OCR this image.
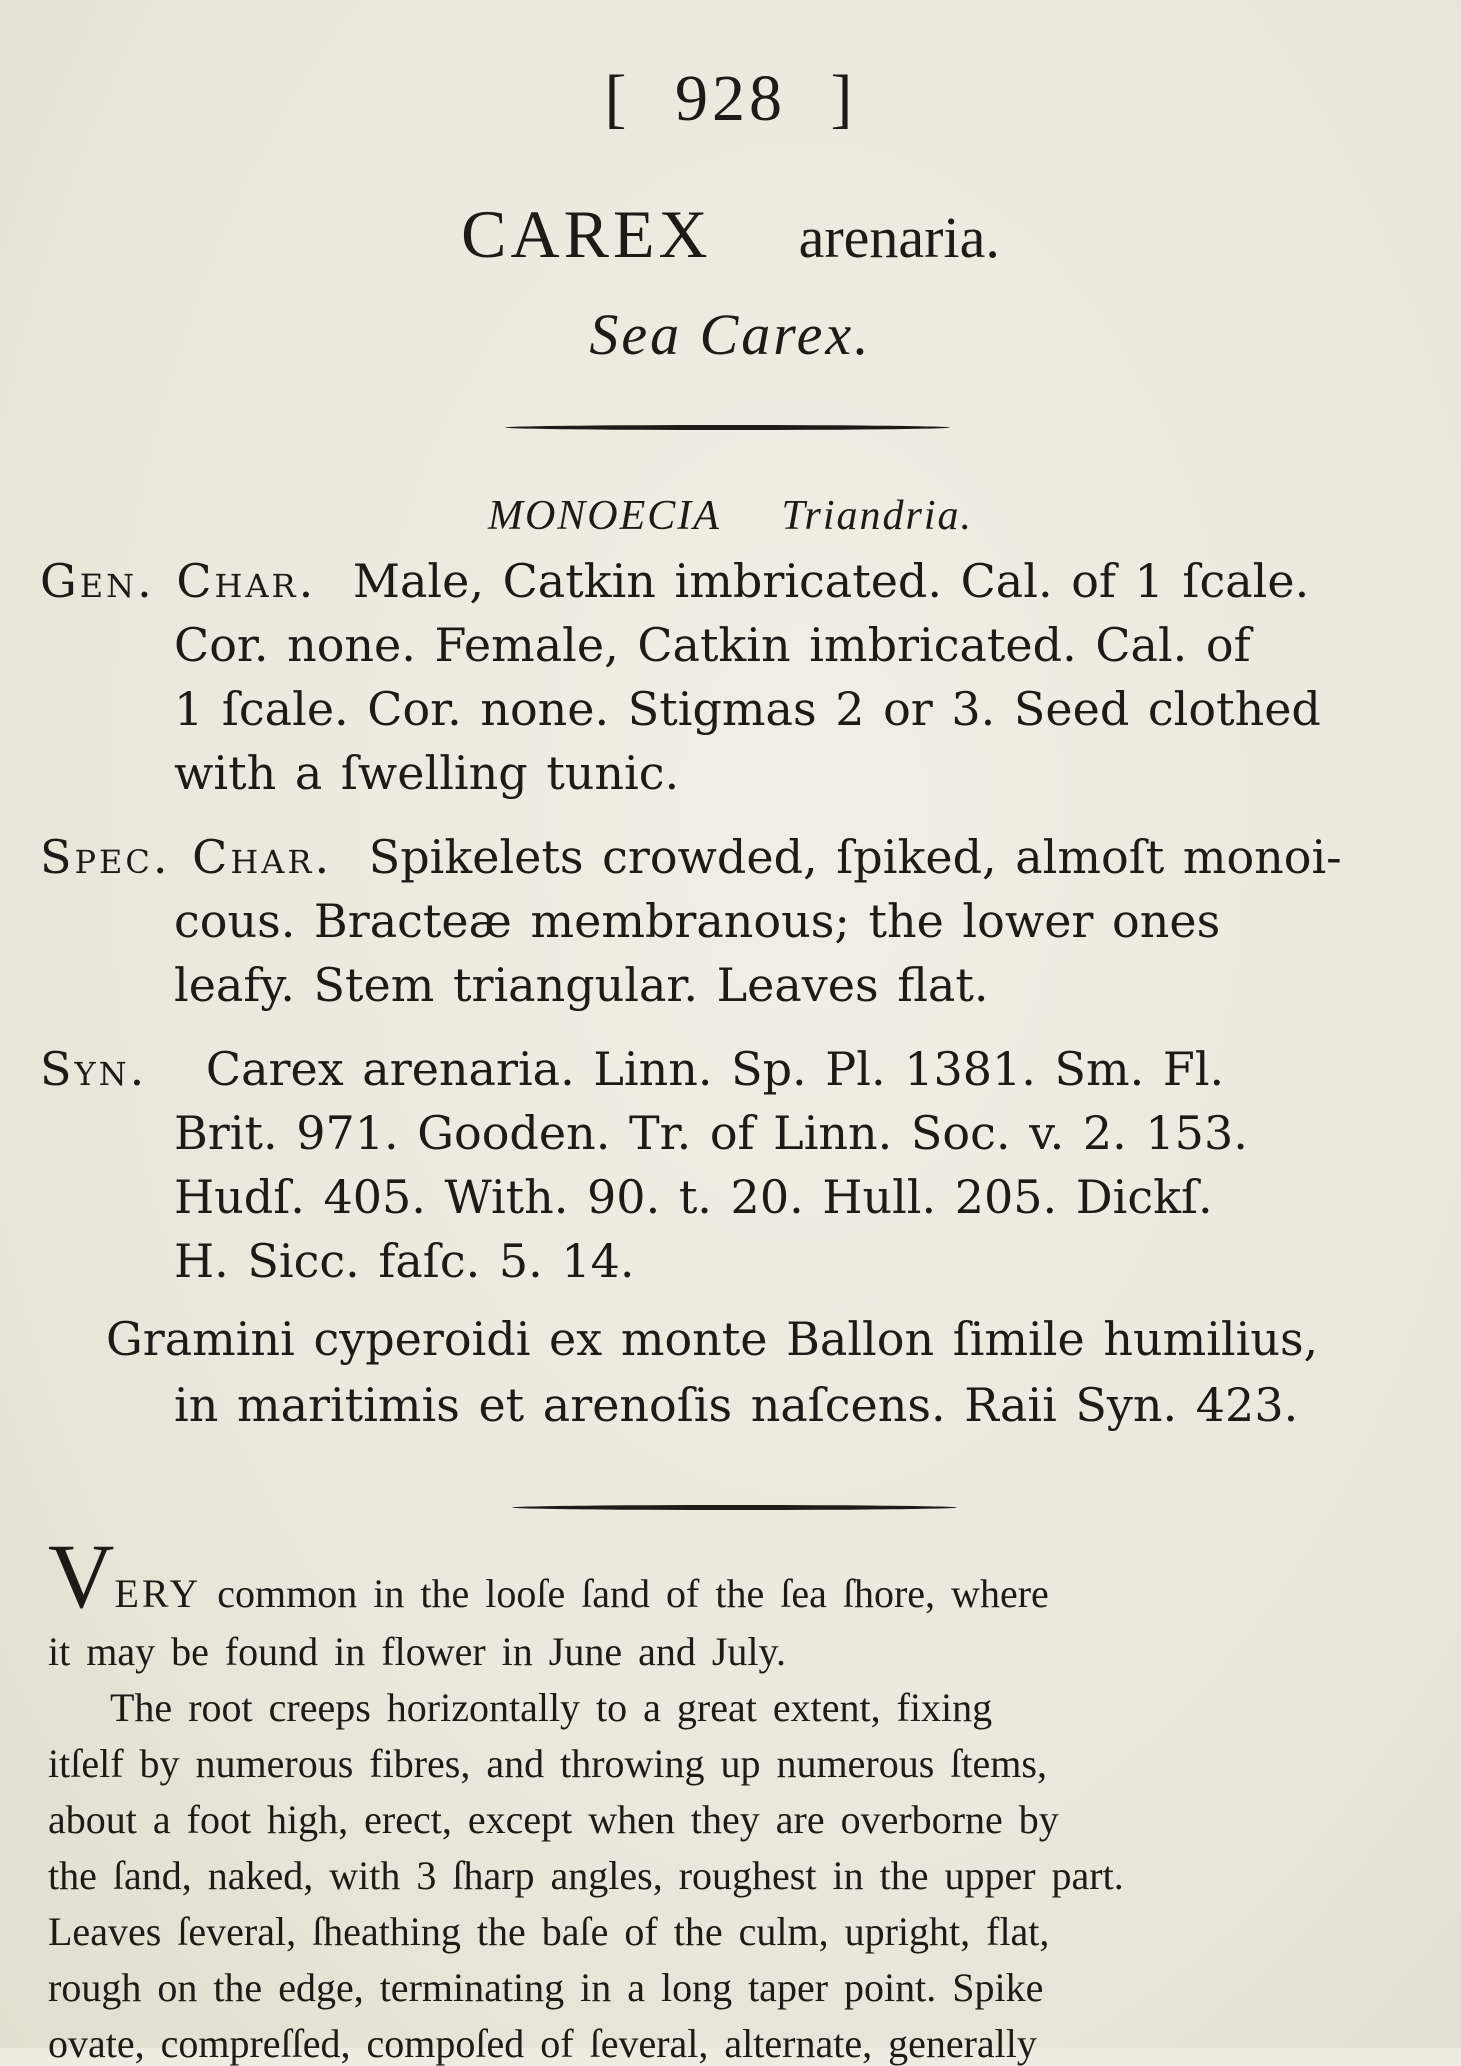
[ 928 ]
CAREX arenaria.
Sea Carex.
MONOECIA Triandria.
Gen. Char. Male, Catkin imbricated. Cal. of 1 ſcale.
Cor. none. Female, Catkin imbricated. Cal. of
1 ſcale. Cor. none. Stigmas 2 or 3. Seed clothed
with a ſwelling tunic.
Spec. Char. Spikelets crowded, ſpiked, almoſt monoi-
cous. Bracteæ membranous; the lower ones
leafy. Stem triangular. Leaves flat.
Syn. Carex arenaria. Linn. Sp. Pl. 1381. Sm. Fl.
Brit. 971. Gooden. Tr. of Linn. Soc. v. 2. 153.
Hudſ. 405. With. 90. t. 20. Hull. 205. Dickſ.
H. Sicc. faſc. 5. 14.
Gramini cyperoidi ex monte Ballon ſimile humilius,
in maritimis et arenoſis naſcens. Raii Syn. 423.
VERY common in the looſe ſand of the ſea ſhore, where
it may be found in flower in June and July.
The root creeps horizontally to a great extent, fixing
itſelf by numerous fibres, and throwing up numerous ſtems,
about a foot high, erect, except when they are overborne by
the ſand, naked, with 3 ſharp angles, roughest in the upper part.
Leaves ſeveral, ſheathing the baſe of the culm, upright, flat,
rough on the edge, terminating in a long taper point. Spike
ovate, compreſſed, compoſed of ſeveral, alternate, generally
